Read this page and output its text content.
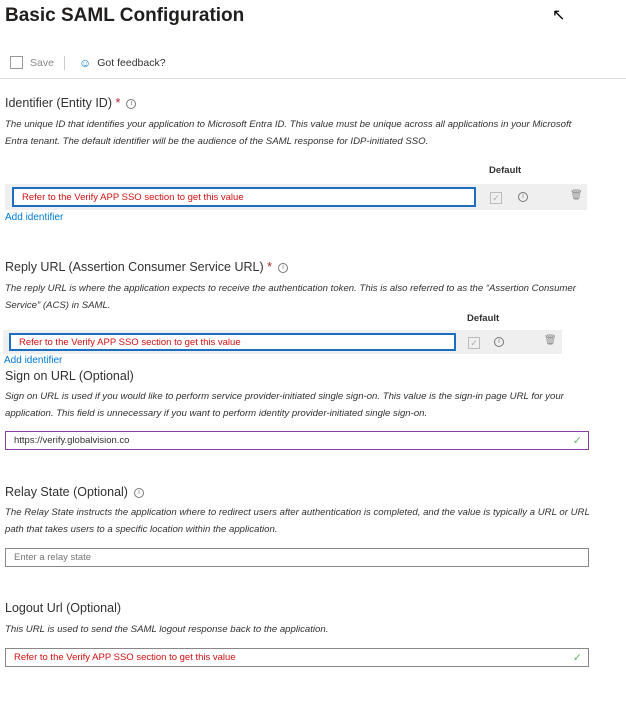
Basic SAML Configuration	↖
Save ☺ Got feedback?
Identifier (Entity ID) * i
The unique ID that identifies your application to Microsoft Entra ID. This value must be unique across all applications in your Microsoft Entra tenant. The default identifier will be the audience of the SAML response for IDP-initiated SSO.
Default
Refer to the Verify APP SSO section to get this value	✓	i	🗑
Add identifier
Reply URL (Assertion Consumer Service URL) * i
The reply URL is where the application expects to receive the authentication token. This is also referred to as the “Assertion Consumer Service” (ACS) in SAML.
Default
Refer to the Verify APP SSO section to get this value	✓	i	🗑
Add identifier
Sign on URL (Optional)
Sign on URL is used if you would like to perform service provider-initiated single sign-on. This value is the sign-in page URL for your application. This field is unnecessary if you want to perform identity provider-initiated single sign-on.
https://verify.globalvision.co	✓
Relay State (Optional) i
The Relay State instructs the application where to redirect users after authentication is completed, and the value is typically a URL or URL path that takes users to a specific location within the application.
Enter a relay state
Logout Url (Optional)
This URL is used to send the SAML logout response back to the application.
Refer to the Verify APP SSO section to get this value	✓
